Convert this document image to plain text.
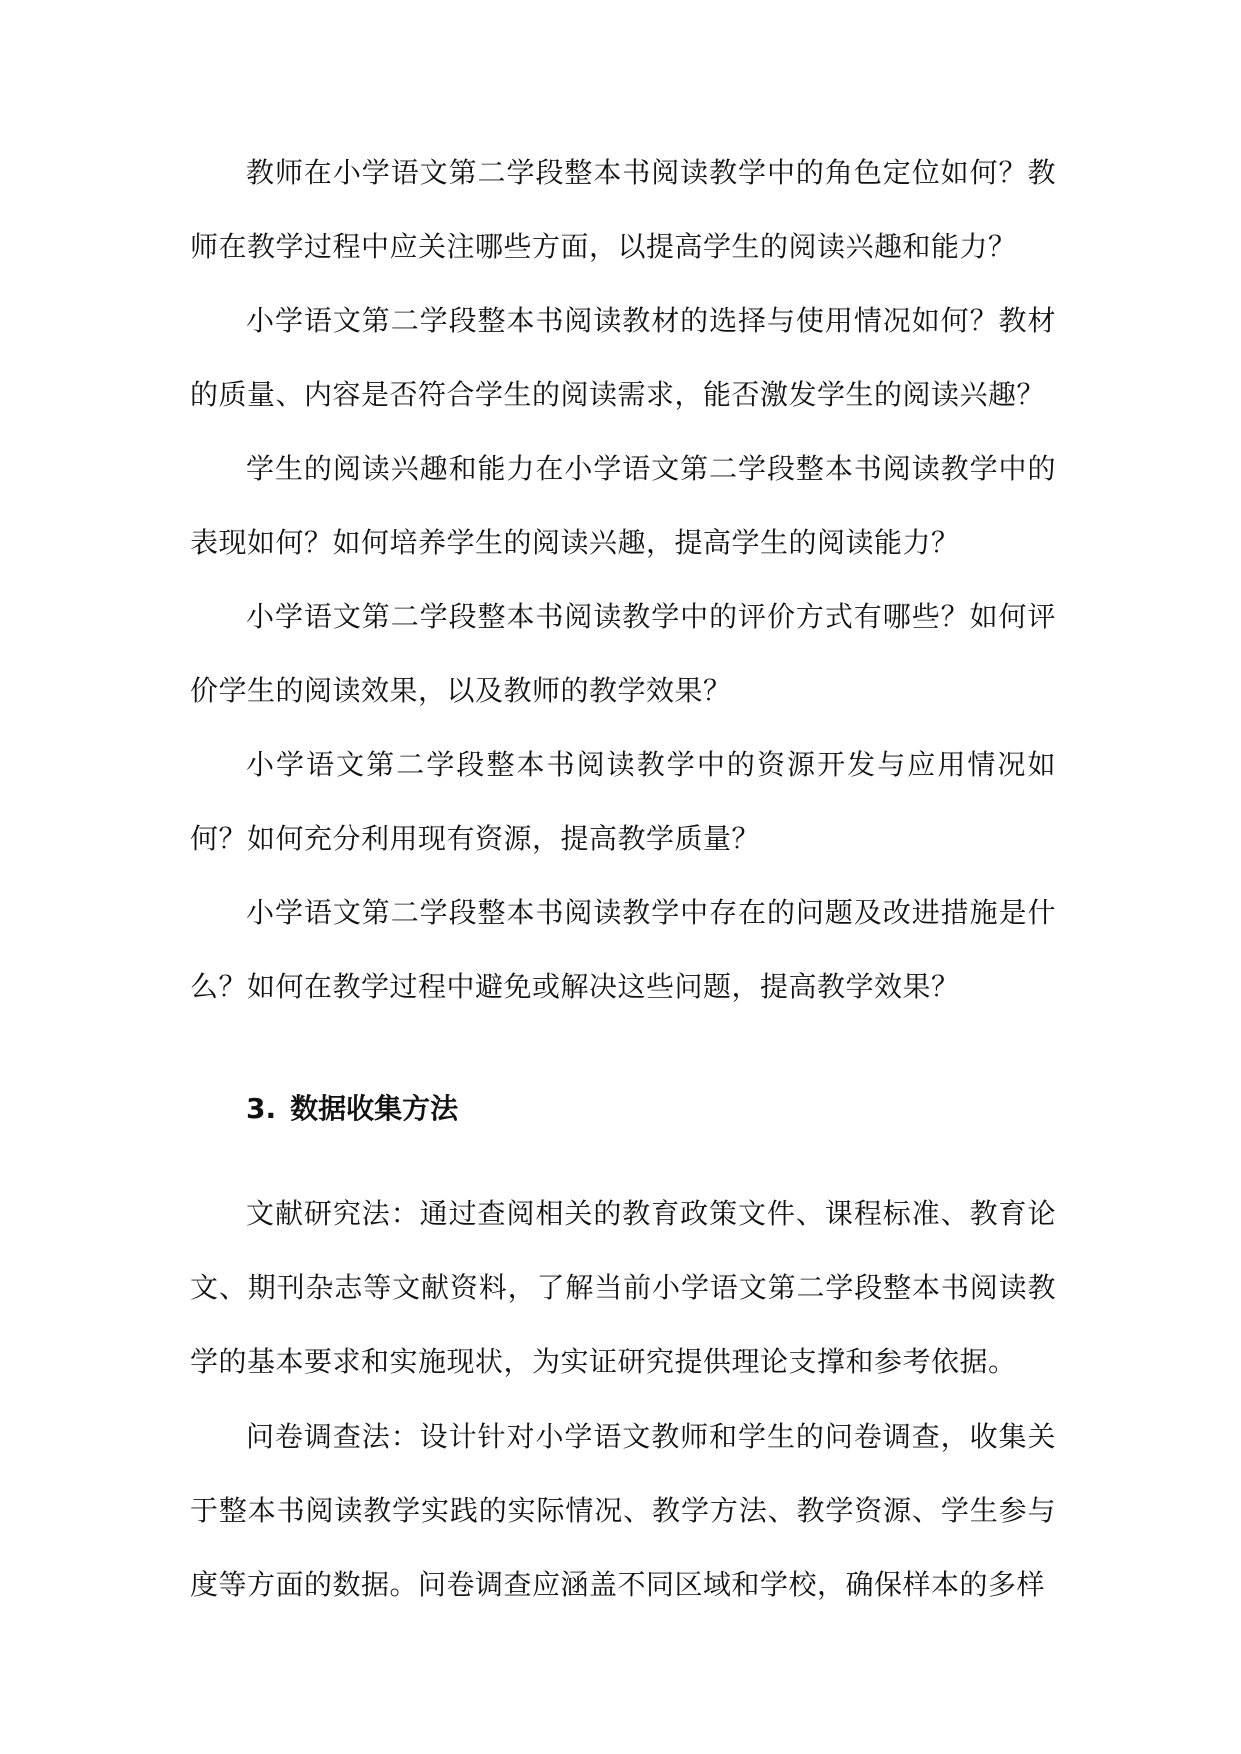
教师在小学语文第二学段整本书阅读教学中的角色定位如何？教师在教学过程中应关注哪些方面，以提高学生的阅读兴趣和能力？

小学语文第二学段整本书阅读教材的选择与使用情况如何？教材的质量、内容是否符合学生的阅读需求，能否激发学生的阅读兴趣？

学生的阅读兴趣和能力在小学语文第二学段整本书阅读教学中的表现如何？如何培养学生的阅读兴趣，提高学生的阅读能力？

小学语文第二学段整本书阅读教学中的评价方式有哪些？如何评价学生的阅读效果，以及教师的教学效果？

小学语文第二学段整本书阅读教学中的资源开发与应用情况如何？如何充分利用现有资源，提高教学质量？

小学语文第二学段整本书阅读教学中存在的问题及改进措施是什么？如何在教学过程中避免或解决这些问题，提高教学效果？

3. 数据收集方法

文献研究法：通过查阅相关的教育政策文件、课程标准、教育论文、期刊杂志等文献资料，了解当前小学语文第二学段整本书阅读教学的基本要求和实施现状，为实证研究提供理论支撑和参考依据。

问卷调查法：设计针对小学语文教师和学生的问卷调查，收集关于整本书阅读教学实践的实际情况、教学方法、教学资源、学生参与度等方面的数据。问卷调查应涵盖不同区域和学校，确保样本的多样
